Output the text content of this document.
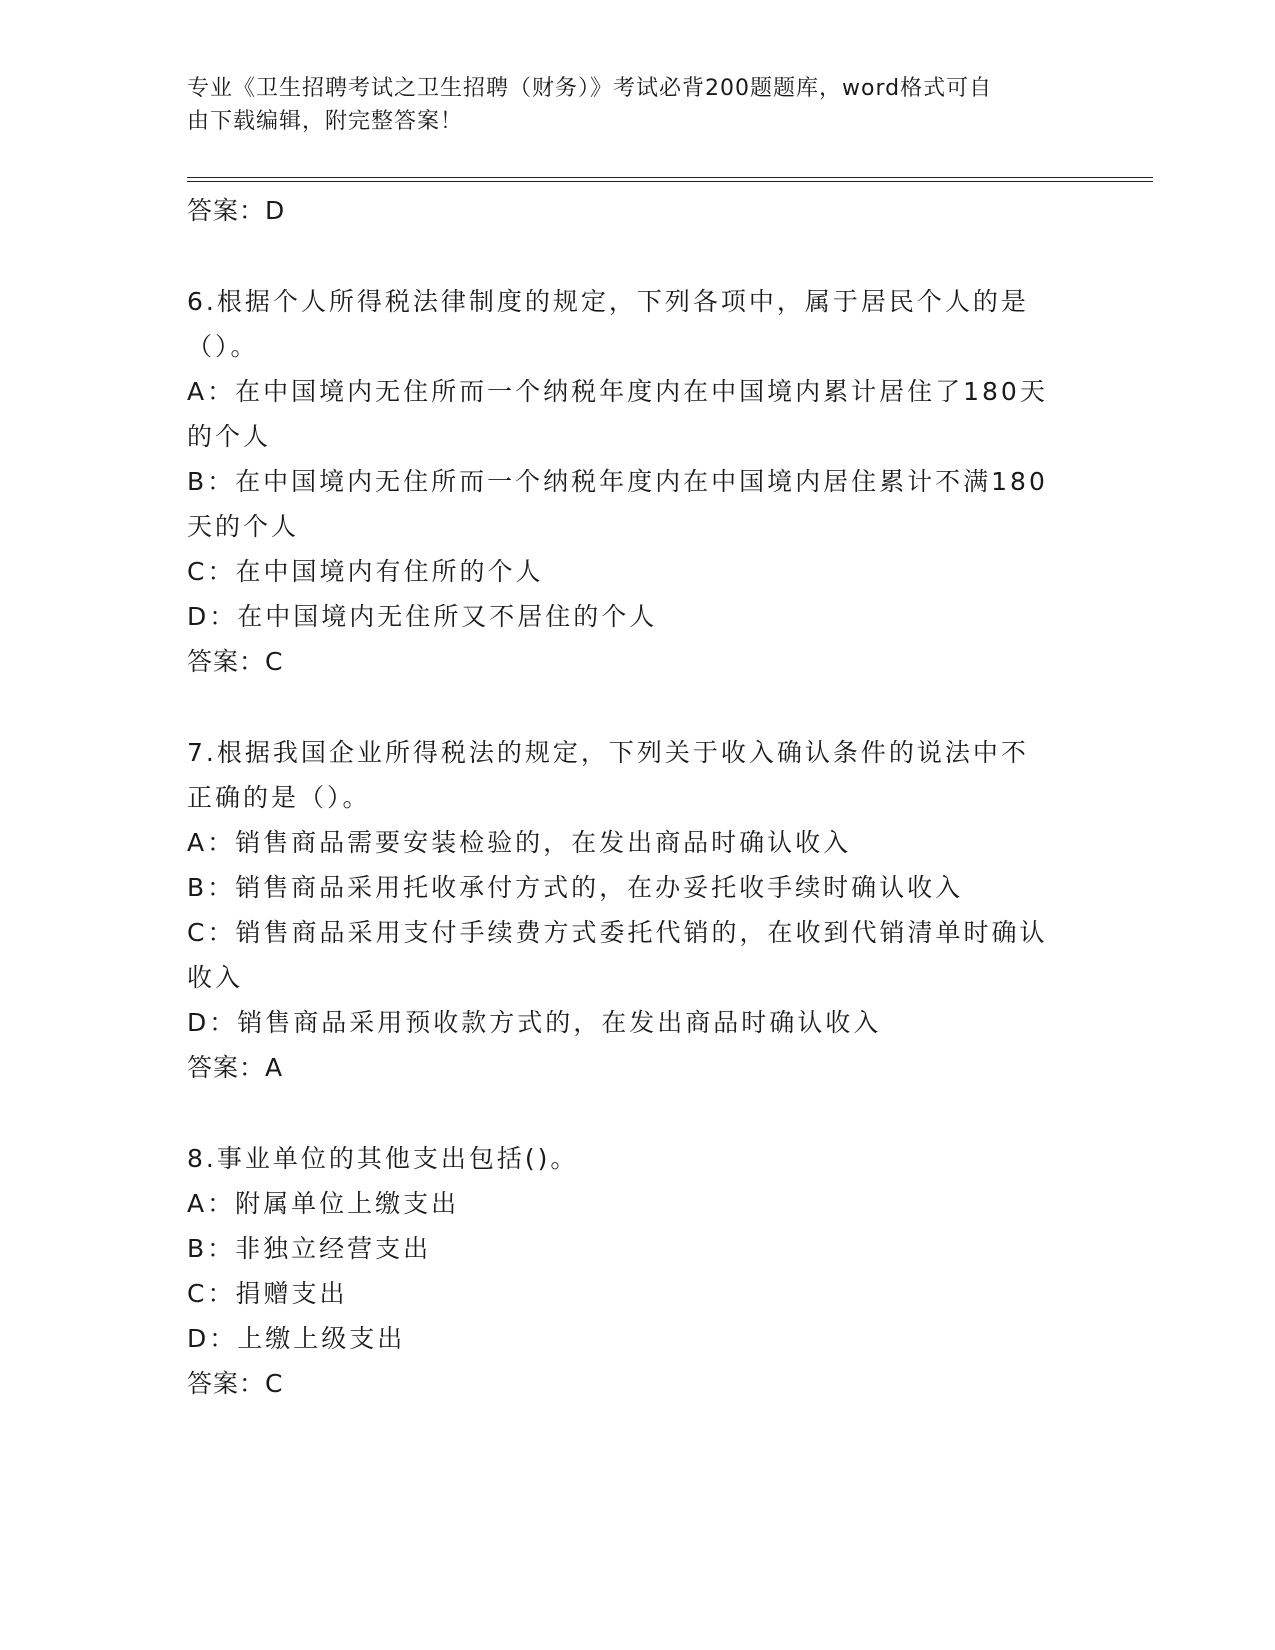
专业《卫生招聘考试之卫生招聘（财务）》考试必背200题题库，word格式可自
由下载编辑，附完整答案！
答案：D
6.根据个人所得税法律制度的规定，下列各项中，属于居民个人的是
（）。
A：在中国境内无住所而一个纳税年度内在中国境内累计居住了180天
的个人
B：在中国境内无住所而一个纳税年度内在中国境内居住累计不满180
天的个人
C：在中国境内有住所的个人
D：在中国境内无住所又不居住的个人
答案：C
7.根据我国企业所得税法的规定，下列关于收入确认条件的说法中不
正确的是（）。
A：销售商品需要安装检验的，在发出商品时确认收入
B：销售商品采用托收承付方式的，在办妥托收手续时确认收入
C：销售商品采用支付手续费方式委托代销的，在收到代销清单时确认
收入
D：销售商品采用预收款方式的，在发出商品时确认收入
答案：A
8.事业单位的其他支出包括()。
A：附属单位上缴支出
B：非独立经营支出
C：捐赠支出
D：上缴上级支出
答案：C
